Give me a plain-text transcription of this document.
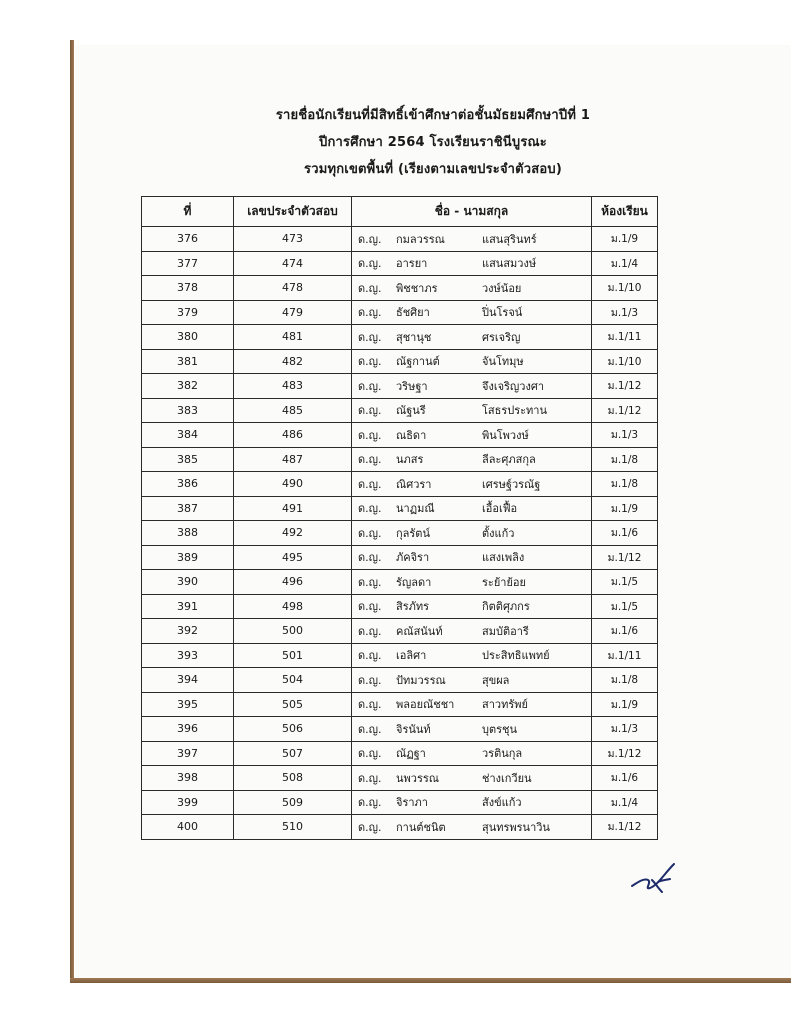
รายชื่อนักเรียนที่มีสิทธิ์เข้าศึกษาต่อชั้นมัธยมศึกษาปีที่ 1
ปีการศึกษา 2564 โรงเรียนราชินีบูรณะ
รวมทุกเขตพื้นที่ (เรียงตามเลขประจำตัวสอบ)
ที่	เลขประจำตัวสอบ	ชื่อ - นามสกุล	ห้องเรียน
376	473	ด.ญ. กมลวรรณ แสนสุรินทร์	ม.1/9
377	474	ด.ญ. อารยา แสนสมวงษ์	ม.1/4
378	478	ด.ญ. พิชชาภร วงษ์น้อย	ม.1/10
379	479	ด.ญ. ธัชศิยา ปิ่นโรจน์	ม.1/3
380	481	ด.ญ. สุชานุช ศรเจริญ	ม.1/11
381	482	ด.ญ. ณัฐกานต์ จันโทมุษ	ม.1/10
382	483	ด.ญ. วริษฐา จึงเจริญวงศา	ม.1/12
383	485	ด.ญ. ณัฐนรี โสธรประทาน	ม.1/12
384	486	ด.ญ. ณธิดา พินโพวงษ์	ม.1/3
385	487	ด.ญ. นภสร ลีละศุภสกุล	ม.1/8
386	490	ด.ญ. ณิศวรา เศรษฐ์วรณัฐ	ม.1/8
387	491	ด.ญ. นาฏมณี เอื้อเฟื้อ	ม.1/9
388	492	ด.ญ. กุลรัตน์ ตั้งแก้ว	ม.1/6
389	495	ด.ญ. ภัคจิรา แสงเพลิง	ม.1/12
390	496	ด.ญ. รัญลดา ระย้าย้อย	ม.1/5
391	498	ด.ญ. สิรภัทร กิตติศุภกร	ม.1/5
392	500	ด.ญ. คณัสนันท์ สมบัติอารี	ม.1/6
393	501	ด.ญ. เอลิศา ประสิทธิแพทย์	ม.1/11
394	504	ด.ญ. ปัทมวรรณ สุขผล	ม.1/8
395	505	ด.ญ. พลอยณัชชา สาวทรัพย์	ม.1/9
396	506	ด.ญ. จิรนันท์ บุตรชุน	ม.1/3
397	507	ด.ญ. ณัฏฐา วรตินกุล	ม.1/12
398	508	ด.ญ. นพวรรณ ช่างเกวียน	ม.1/6
399	509	ด.ญ. จิราภา สังข์แก้ว	ม.1/4
400	510	ด.ญ. กานต์ชนิต สุนทรพรนาวิน	ม.1/12
